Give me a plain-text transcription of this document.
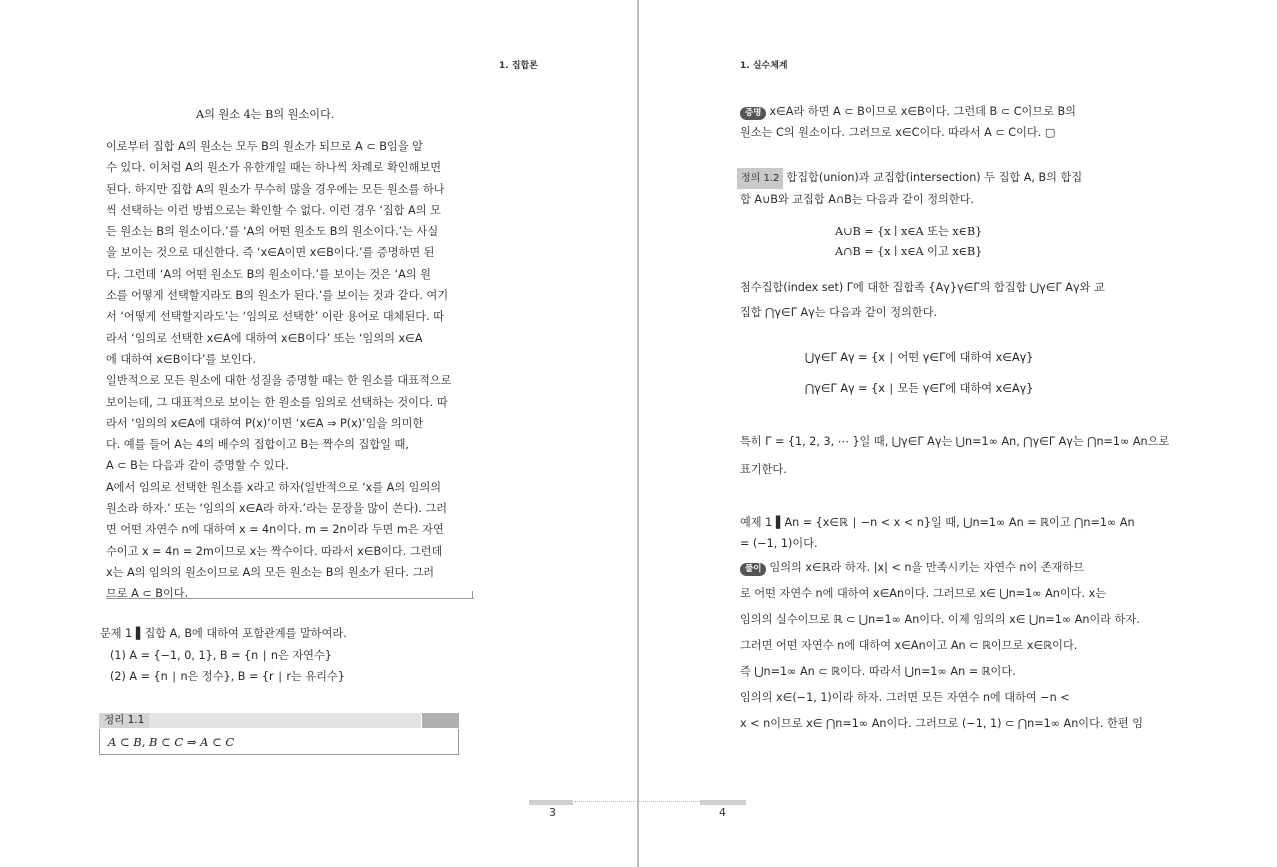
1. 집합론
A의 원소 4는 B의 원소이다.
이로부터 집합 A의 원소는 모두 B의 원소가 되므로 A ⊂ B임을 알
수 있다. 이처럼 A의 원소가 유한개일 때는 하나씩 차례로 확인해보면
된다. 하지만 집합 A의 원소가 무수히 많을 경우에는 모든 원소를 하나
씩 선택하는 이런 방법으로는 확인할 수 없다. 이런 경우 ‘집합 A의 모
든 원소는 B의 원소이다.’를 ‘A의 어떤 원소도 B의 원소이다.’는 사실
을 보이는 것으로 대신한다. 즉 ‘x∈A이면 x∈B이다.’를 증명하면 된
다. 그런데 ‘A의 어떤 원소도 B의 원소이다.’를 보이는 것은 ‘A의 원
소를 어떻게 선택할지라도 B의 원소가 된다.’를 보이는 것과 같다. 여기
서 ‘어떻게 선택할지라도’는 ‘임의로 선택한’ 이란 용어로 대체된다. 따
라서 ‘임의로 선택한 x∈A에 대하여 x∈B이다’ 또는 ‘임의의 x∈A
에 대하여 x∈B이다’를 보인다.
일반적으로 모든 원소에 대한 성질을 증명할 때는 한 원소를 대표적으로
보이는데, 그 대표적으로 보이는 한 원소를 임의로 선택하는 것이다. 따
라서 ‘임의의 x∈A에 대하여 P(x)’이면 ‘x∈A ⇒ P(x)’임을 의미한
다. 예를 들어 A는 4의 배수의 집합이고 B는 짝수의 집합일 때,
A ⊂ B는 다음과 같이 증명할 수 있다.
A에서 임의로 선택한 원소를 x라고 하자(일반적으로 ‘x를 A의 임의의
원소라 하자.’ 또는 ‘임의의 x∈A라 하자.’라는 문장을 많이 쓴다). 그러
면 어떤 자연수 n에 대하여 x = 4n이다. m = 2n이라 두면 m은 자연
수이고 x = 4n = 2m이므로 x는 짝수이다. 따라서 x∈B이다. 그런데
x는 A의 임의의 원소이므로 A의 모든 원소는 B의 원소가 된다. 그러
므로 A ⊂ B이다.
문제 1 ▌집합 A, B에 대하여 포함관계를 말하여라.
(1) A = {−1, 0, 1}, B = {n ∣ n은 자연수}
(2) A = {n ∣ n은 정수}, B = {r ∣ r는 유리수}
정리 1.1
A ⊂ B, B ⊂ C ⇒ A ⊂ C
3
1. 실수체계
증명 x∈A라 하면 A ⊂ B이므로 x∈B이다. 그런데 B ⊂ C이므로 B의
원소는 C의 원소이다. 그러므로 x∈C이다. 따라서 A ⊂ C이다. ▢
정의 1.2 합집합(union)과 교집합(intersection) 두 집합 A, B의 합집
합 A∪B와 교집합 A∩B는 다음과 같이 정의한다.
A∪B = {x ∣ x∈A 또는 x∈B}
A∩B = {x ∣ x∈A 이고 x∈B}
첨수집합(index set) Γ에 대한 집합족 {Aγ}γ∈Γ의 합집합 ⋃γ∈Γ Aγ와 교
집합 ⋂γ∈Γ Aγ는 다음과 같이 정의한다.
⋃γ∈Γ Aγ = {x ∣ 어떤 γ∈Γ에 대하여 x∈Aγ}
⋂γ∈Γ Aγ = {x ∣ 모든 γ∈Γ에 대하여 x∈Aγ}
특히 Γ = {1, 2, 3, ⋯ }일 때, ⋃γ∈Γ Aγ는 ⋃n=1∞ An, ⋂γ∈Γ Aγ는 ⋂n=1∞ An으로
표기한다.
예제 1 ▌An = {x∈ℝ ∣ −n < x < n}일 때, ⋃n=1∞ An = ℝ이고 ⋂n=1∞ An
= (−1, 1)이다.
풀이 임의의 x∈ℝ라 하자. |x| < n을 만족시키는 자연수 n이 존재하므
로 어떤 자연수 n에 대하여 x∈An이다. 그러므로 x∈ ⋃n=1∞ An이다. x는
임의의 실수이므로 ℝ ⊂ ⋃n=1∞ An이다. 이제 임의의 x∈ ⋃n=1∞ An이라 하자.
그러면 어떤 자연수 n에 대하여 x∈An이고 An ⊂ ℝ이므로 x∈ℝ이다.
즉 ⋃n=1∞ An ⊂ ℝ이다. 따라서 ⋃n=1∞ An = ℝ이다.
임의의 x∈(−1, 1)이라 하자. 그러면 모든 자연수 n에 대하여 −n <
x < n이므로 x∈ ⋂n=1∞ An이다. 그러므로 (−1, 1) ⊂ ⋂n=1∞ An이다. 한편 임
4
